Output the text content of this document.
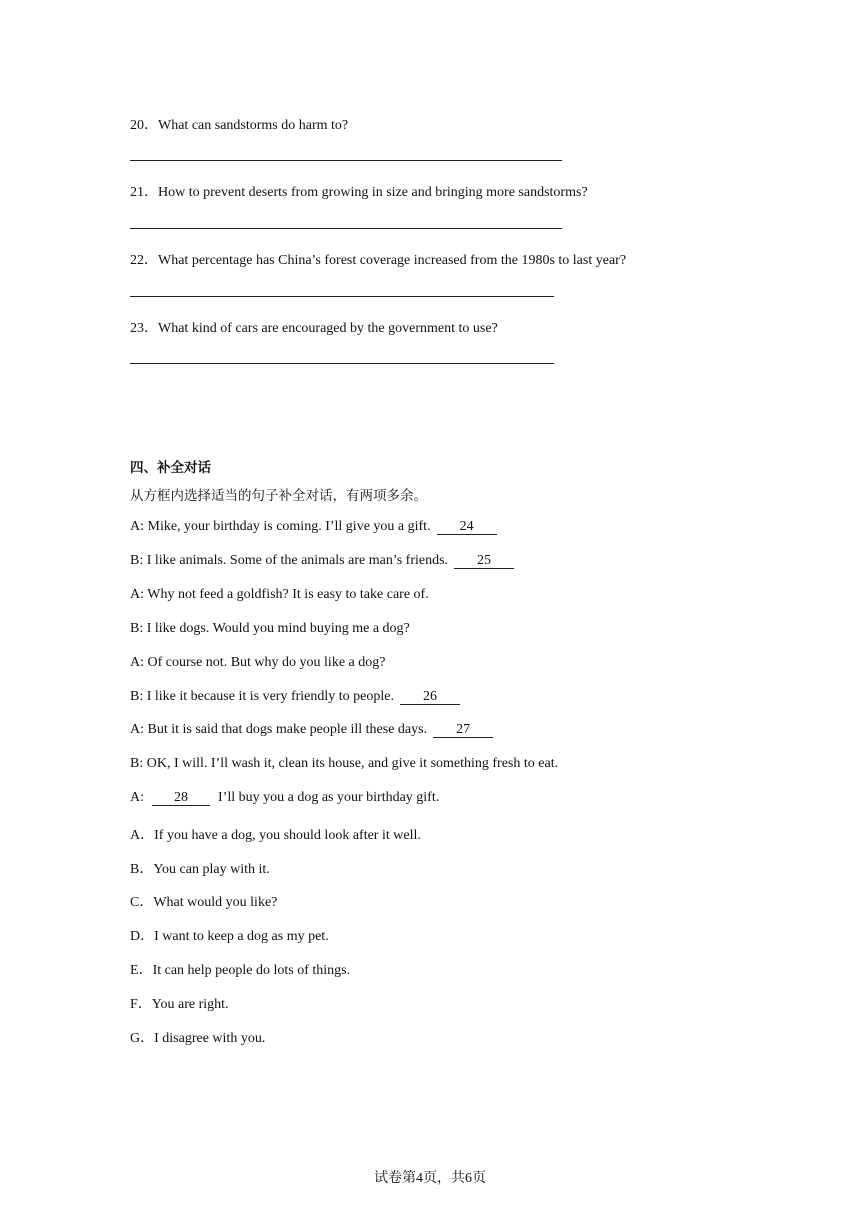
20．What can sandstorms do harm to?
21．How to prevent deserts from growing in size and bringing more sandstorms?
22．What percentage has China’s forest coverage increased from the 1980s to last year?
23．What kind of cars are encouraged by the government to use?
四、补全对话
从方框内选择适当的句子补全对话，有两项多余。
A: Mike, your birthday is coming. I’ll give you a gift. 24
B: I like animals. Some of the animals are man’s friends. 25
A: Why not feed a goldfish? It is easy to take care of.
B: I like dogs. Would you mind buying me a dog?
A: Of course not. But why do you like a dog?
B: I like it because it is very friendly to people. 26
A: But it is said that dogs make people ill these days. 27
B: OK, I will. I’ll wash it, clean its house, and give it something fresh to eat.
A: 28 I’ll buy you a dog as your birthday gift.
A．If you have a dog, you should look after it well.
B．You can play with it.
C．What would you like?
D．I want to keep a dog as my pet.
E．It can help people do lots of things.
F．You are right.
G．I disagree with you.
试卷第4页，共6页
